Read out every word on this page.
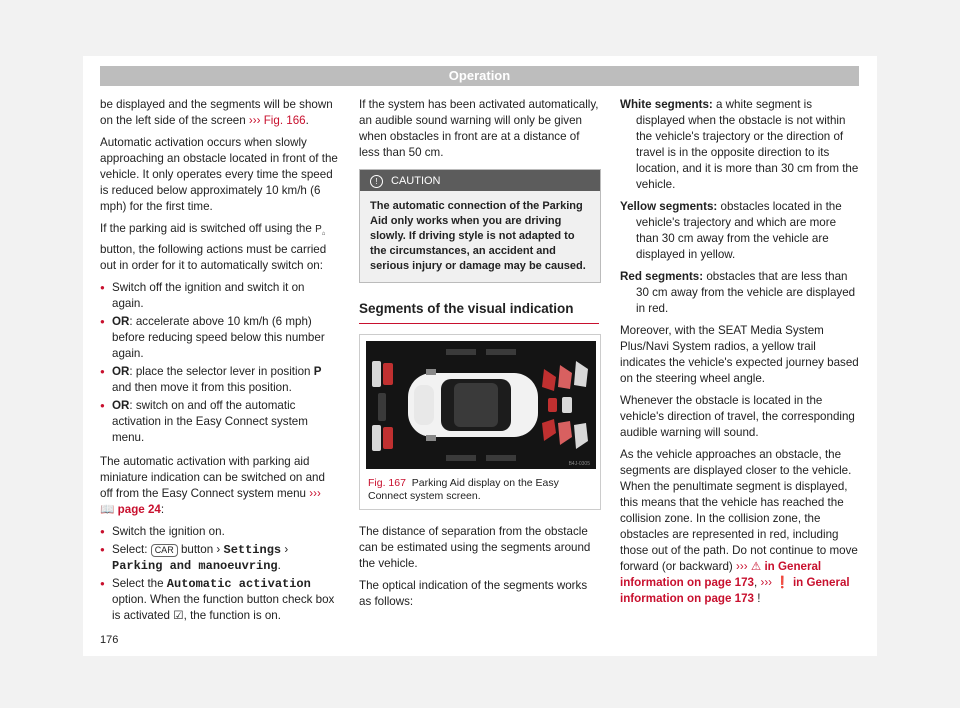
Operation

be displayed and the segments will be shown on the left side of the screen ››› Fig. 166.

Automatic activation occurs when slowly approaching an obstacle located in front of the vehicle. It only operates every time the speed is reduced below approximately 10 km/h (6 mph) for the first time.

If the parking aid is switched off using the $P_⌂$ button, the following actions must be carried out in order for it to automatically switch on:

● Switch off the ignition and switch it on again.
● OR: accelerate above 10 km/h (6 mph) before reducing speed below this number again.
● OR: place the selector lever in position P and then move it from this position.
● OR: switch on and off the automatic activation in the Easy Connect system menu.

The automatic activation with parking aid miniature indication can be switched on and off from the Easy Connect system menu ››› 📖 page 24:

● Switch the ignition on.
● Select: CAR button › Settings › Parking and manoeuvring.
● Select the Automatic activation option. When the function button check box is activated ☑, the function is on.

If the system has been activated automatically, an audible sound warning will only be given when obstacles in front are at a distance of less than 50 cm.

! CAUTION
The automatic connection of the Parking Aid only works when you are driving slowly. If driving style is not adapted to the circumstances, an accident and serious injury or damage may be caused.
Segments of the visual indication
B4J-0305
Fig. 167 Parking Aid display on the Easy Connect system screen.

The distance of separation from the obstacle can be estimated using the segments around the vehicle.

The optical indication of the segments works as follows:

White segments: a white segment is displayed when the obstacle is not within the vehicle's trajectory or the direction of travel is in the opposite direction to its location, and it is more than 30 cm from the vehicle.

Yellow segments: obstacles located in the vehicle's trajectory and which are more than 30 cm away from the vehicle are displayed in yellow.

Red segments: obstacles that are less than 30 cm away from the vehicle are displayed in red.

Moreover, with the SEAT Media System Plus/Navi System radios, a yellow trail indicates the vehicle's expected journey based on the steering wheel angle.

Whenever the obstacle is located in the vehicle's direction of travel, the corresponding audible warning will sound.

As the vehicle approaches an obstacle, the segments are displayed closer to the vehicle. When the penultimate segment is displayed, this means that the vehicle has reached the collision zone. In the collision zone, the obstacles are represented in red, including those out of the path. Do not continue to move forward (or backward) ››› ⚠ in General information on page 173, ››› ❗ in General information on page 173 !

176
